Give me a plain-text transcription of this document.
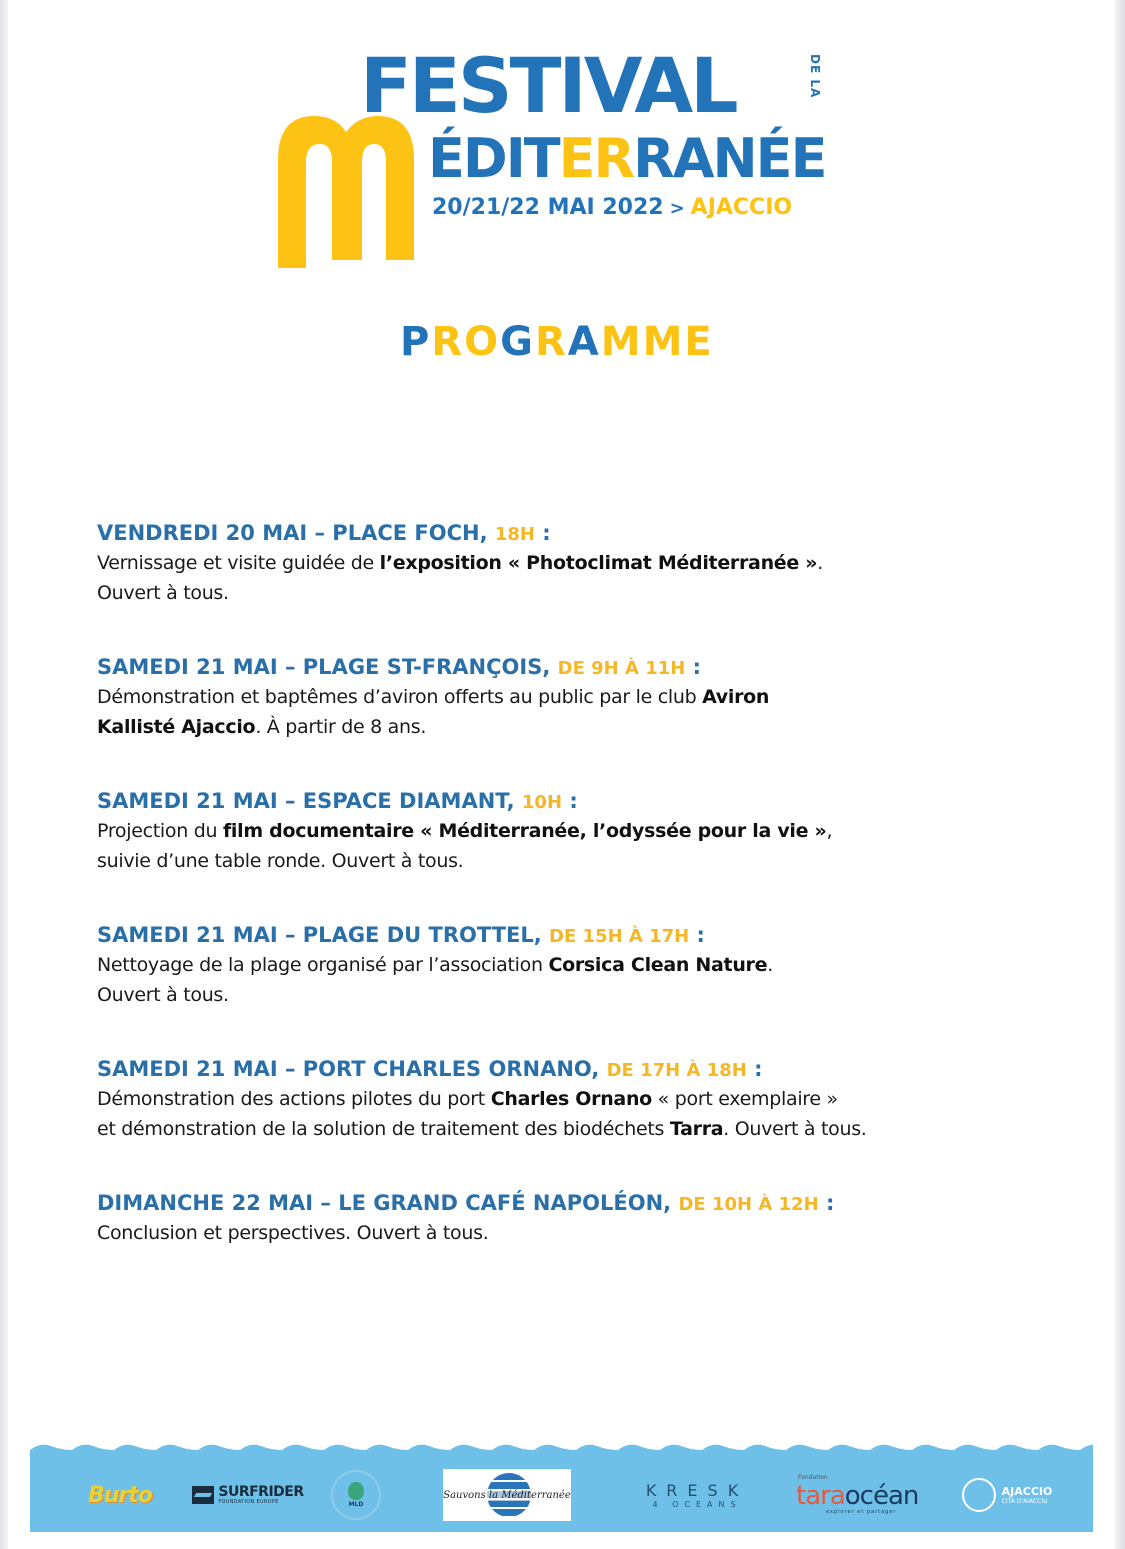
FESTIVAL	DE LA
ÉDITERRANÉE
20/21/22 MAI 2022 > AJACCIO
PROGRAMME
VENDREDI 20 MAI – PLACE FOCH, 18H :
Vernissage et visite guidée de l’exposition « Photoclimat Méditerranée ».
Ouvert à tous.
SAMEDI 21 MAI – PLAGE ST-FRANÇOIS, DE 9H À 11H :
Démonstration et baptêmes d’aviron offerts au public par le club Aviron
Kallisté Ajaccio. À partir de 8 ans.
SAMEDI 21 MAI – ESPACE DIAMANT, 10H :
Projection du film documentaire « Méditerranée, l’odyssée pour la vie »,
suivie d’une table ronde. Ouvert à tous.
SAMEDI 21 MAI – PLAGE DU TROTTEL, DE 15H À 17H :
Nettoyage de la plage organisé par l’association Corsica Clean Nature.
Ouvert à tous.
SAMEDI 21 MAI – PORT CHARLES ORNANO, DE 17H À 18H :
Démonstration des actions pilotes du port Charles Ornano « port exemplaire »
et démonstration de la solution de traitement des biodéchets Tarra. Ouvert à tous.
DIMANCHE 22 MAI – LE GRAND CAFÉ NAPOLÉON, DE 10H À 12H :
Conclusion et perspectives. Ouvert à tous.
Burto	SURFRIDER
FOUNDATION EUROPE	MLD
Sauvons la Méditerranée	KRESK
4 OCEANS
Fondation
taraocéan
explorer et partager
AJACCIO
CITÀ D'AIACCIU
